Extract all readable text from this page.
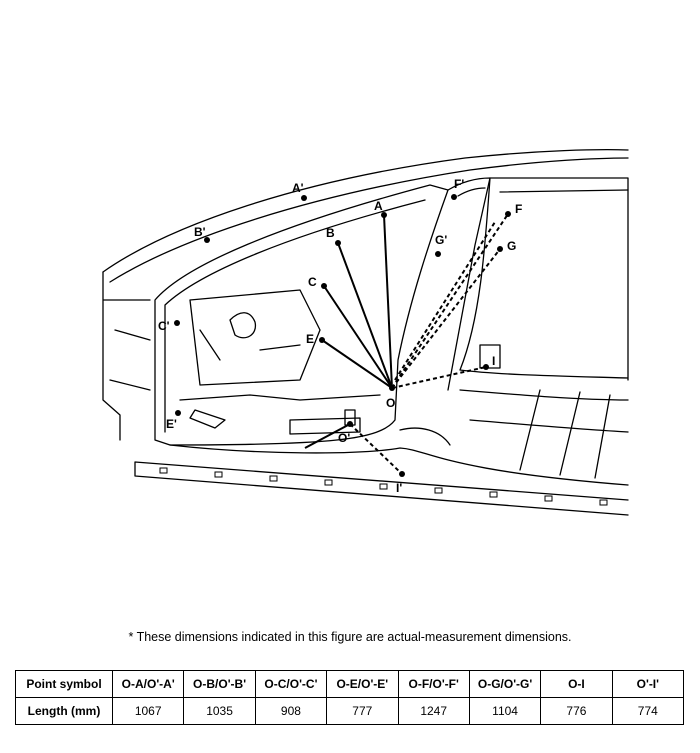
A'
B'
C'
E'
F'
G'
A
B
C
E
F
G
O
I
O'
I'
* These dimensions indicated in this figure are actual-measurement dimensions.
Point symbol	O-A/O'-A'	O-B/O'-B'	O-C/O'-C'	O-E/O'-E'	O-F/O'-F'	O-G/O'-G'	O-I	O'-I'
Length (mm)	1067	1035	908	777	1247	1104	776	774
